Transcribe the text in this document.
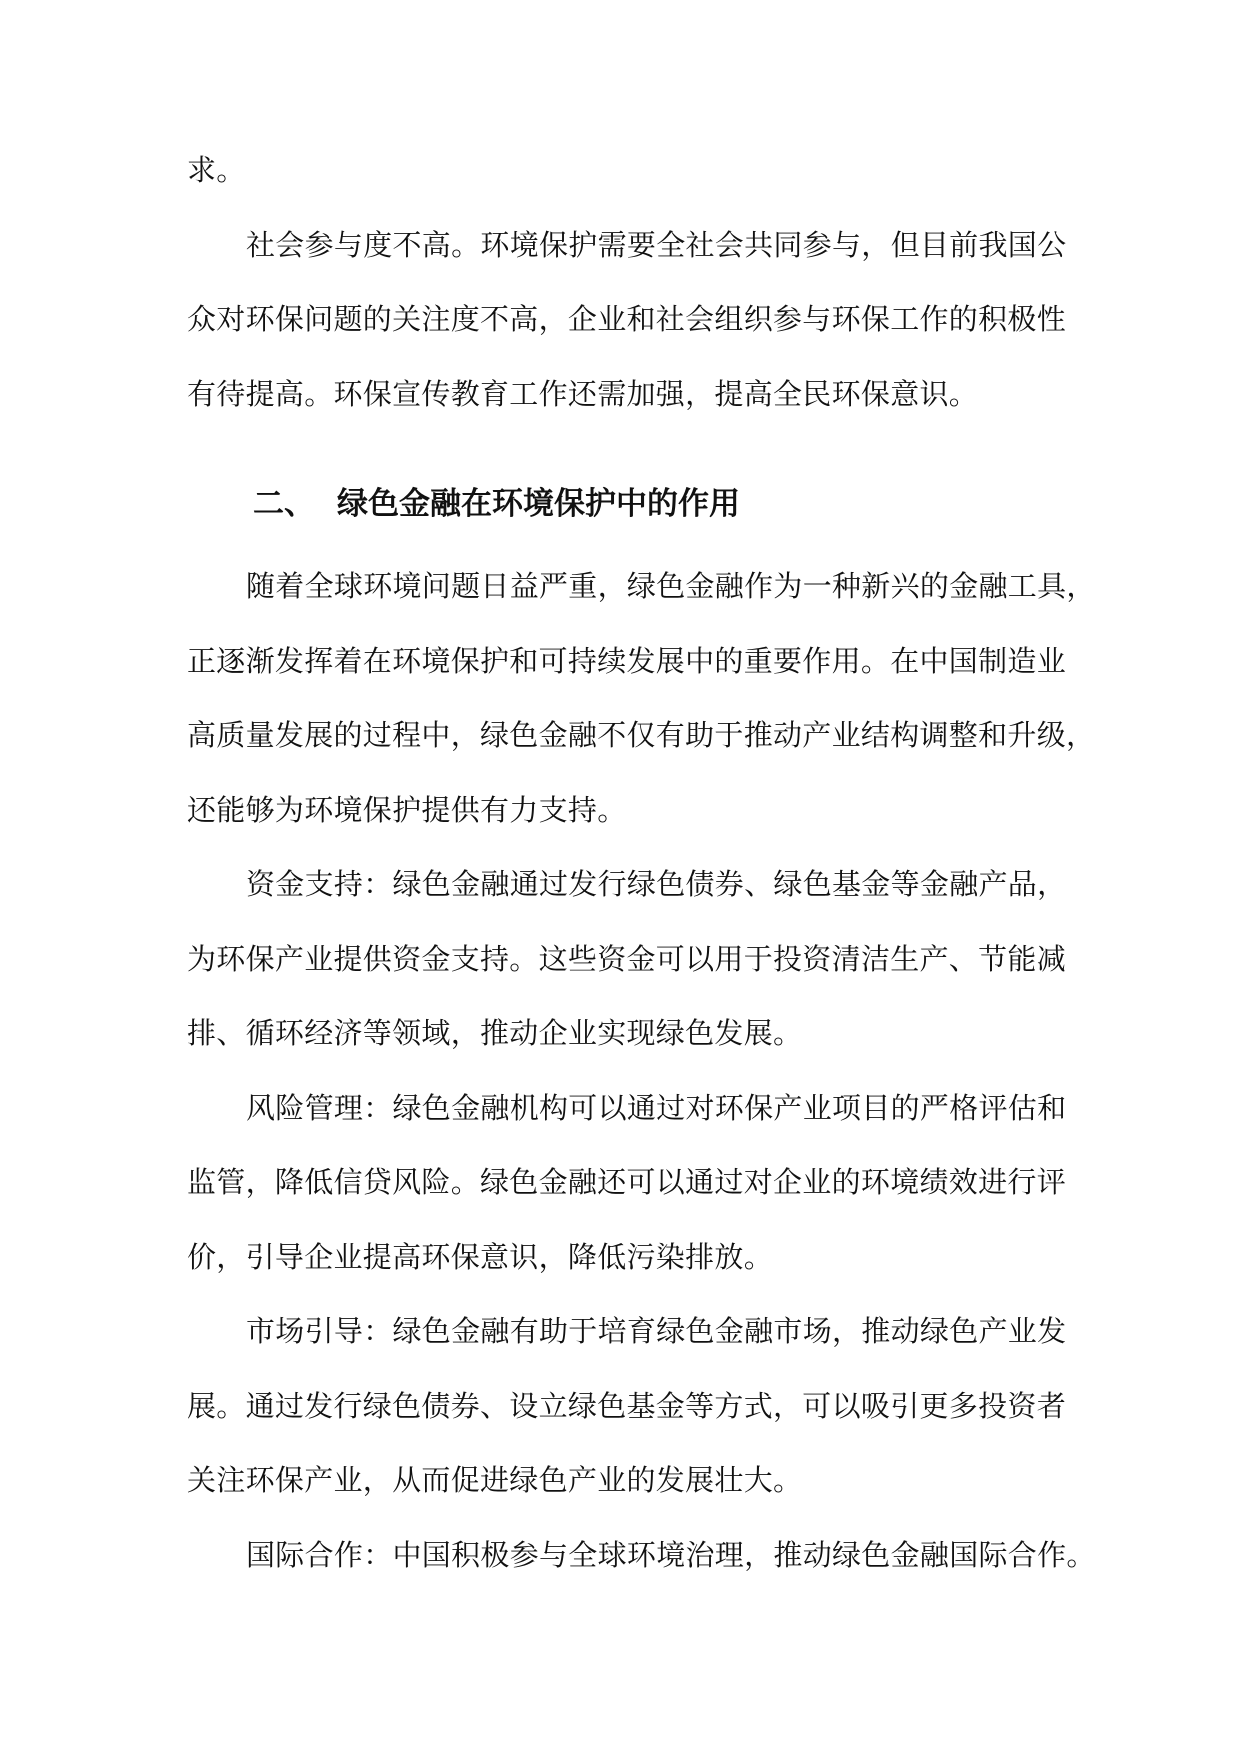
求。
社会参与度不高。环境保护需要全社会共同参与，但目前我国公
众对环保问题的关注度不高，企业和社会组织参与环保工作的积极性
有待提高。环保宣传教育工作还需加强，提高全民环保意识。
二、 绿色金融在环境保护中的作用
随着全球环境问题日益严重，绿色金融作为一种新兴的金融工具，
正逐渐发挥着在环境保护和可持续发展中的重要作用。在中国制造业
高质量发展的过程中，绿色金融不仅有助于推动产业结构调整和升级，
还能够为环境保护提供有力支持。
资金支持：绿色金融通过发行绿色债券、绿色基金等金融产品，
为环保产业提供资金支持。这些资金可以用于投资清洁生产、节能减
排、循环经济等领域，推动企业实现绿色发展。
风险管理：绿色金融机构可以通过对环保产业项目的严格评估和
监管，降低信贷风险。绿色金融还可以通过对企业的环境绩效进行评
价，引导企业提高环保意识，降低污染排放。
市场引导：绿色金融有助于培育绿色金融市场，推动绿色产业发
展。通过发行绿色债券、设立绿色基金等方式，可以吸引更多投资者
关注环保产业，从而促进绿色产业的发展壮大。
国际合作：中国积极参与全球环境治理，推动绿色金融国际合作。
